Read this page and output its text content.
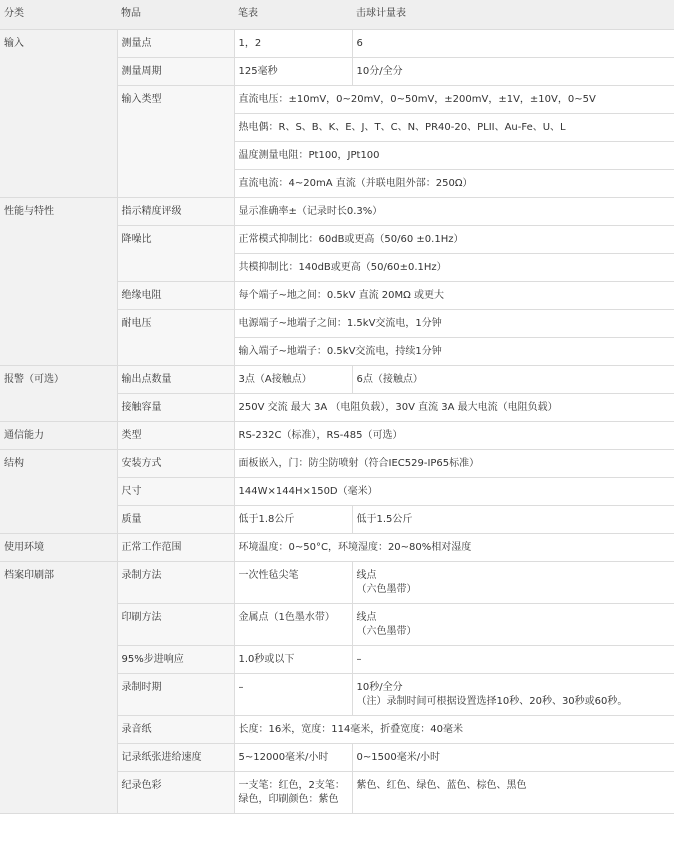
分类	物品	笔表	击球计量表
输入	测量点	1，2	6
	测量周期	125毫秒	10分/全分
	输入类型	直流电压：±10mV，0~20mV，0~50mV，±200mV，±1V，±10V，0~5V	
		热电偶：R、S、B、K、E、J、T、C、N、PR40-20、PLII、Au-Fe、U、L	
		温度测量电阻：Pt100，JPt100	
		直流电流：4~20mA 直流（并联电阻外部：250Ω）	
性能与特性	指示精度评级	显示准确率±（记录时长0.3%）	
	降噪比	正常模式抑制比：60dB或更高（50/60 ±0.1Hz）	
		共模抑制比：140dB或更高（50/60±0.1Hz）	
	绝缘电阻	每个端子~地之间：0.5kV 直流 20MΩ 或更大	
	耐电压	电源端子~地端子之间：1.5kV交流电，1分钟	
		输入端子~地端子：0.5kV交流电，持续1分钟	
报警（可选）	输出点数量	3点（A接触点）	6点（接触点）
	接触容量	250V 交流 最大 3A （电阻负载），30V 直流 3A 最大电流（电阻负载）	
通信能力	类型	RS-232C（标准），RS-485（可选）	
结构	安装方式	面板嵌入，门：防尘防喷射（符合IEC529-IP65标准）	
	尺寸	144W×144H×150D（毫米）	
	质量	低于1.8公斤	低于1.5公斤
使用环境	正常工作范围	环境温度：0~50°C，环境湿度：20~80%相对湿度	
档案印刷部	录制方法	一次性毡尖笔	线点
（六色墨带）

	印刷方法	金属点（1色墨水带）	线点
（六色墨带）

	95%步进响应	1.0秒或以下	–
	录制时期	–	10秒/全分
（注）录制时间可根据设置选择10秒、20秒、30秒或60秒。

	录音纸	长度：16米，宽度：114毫米，折叠宽度：40毫米	
	记录纸张进给速度	5~12000毫米/小时	0~1500毫米/小时
	纪录色彩	一支笔：红色，2支笔：绿色，印刷颜色：紫色	紫色、红色、绿色、蓝色、棕色、黑色
